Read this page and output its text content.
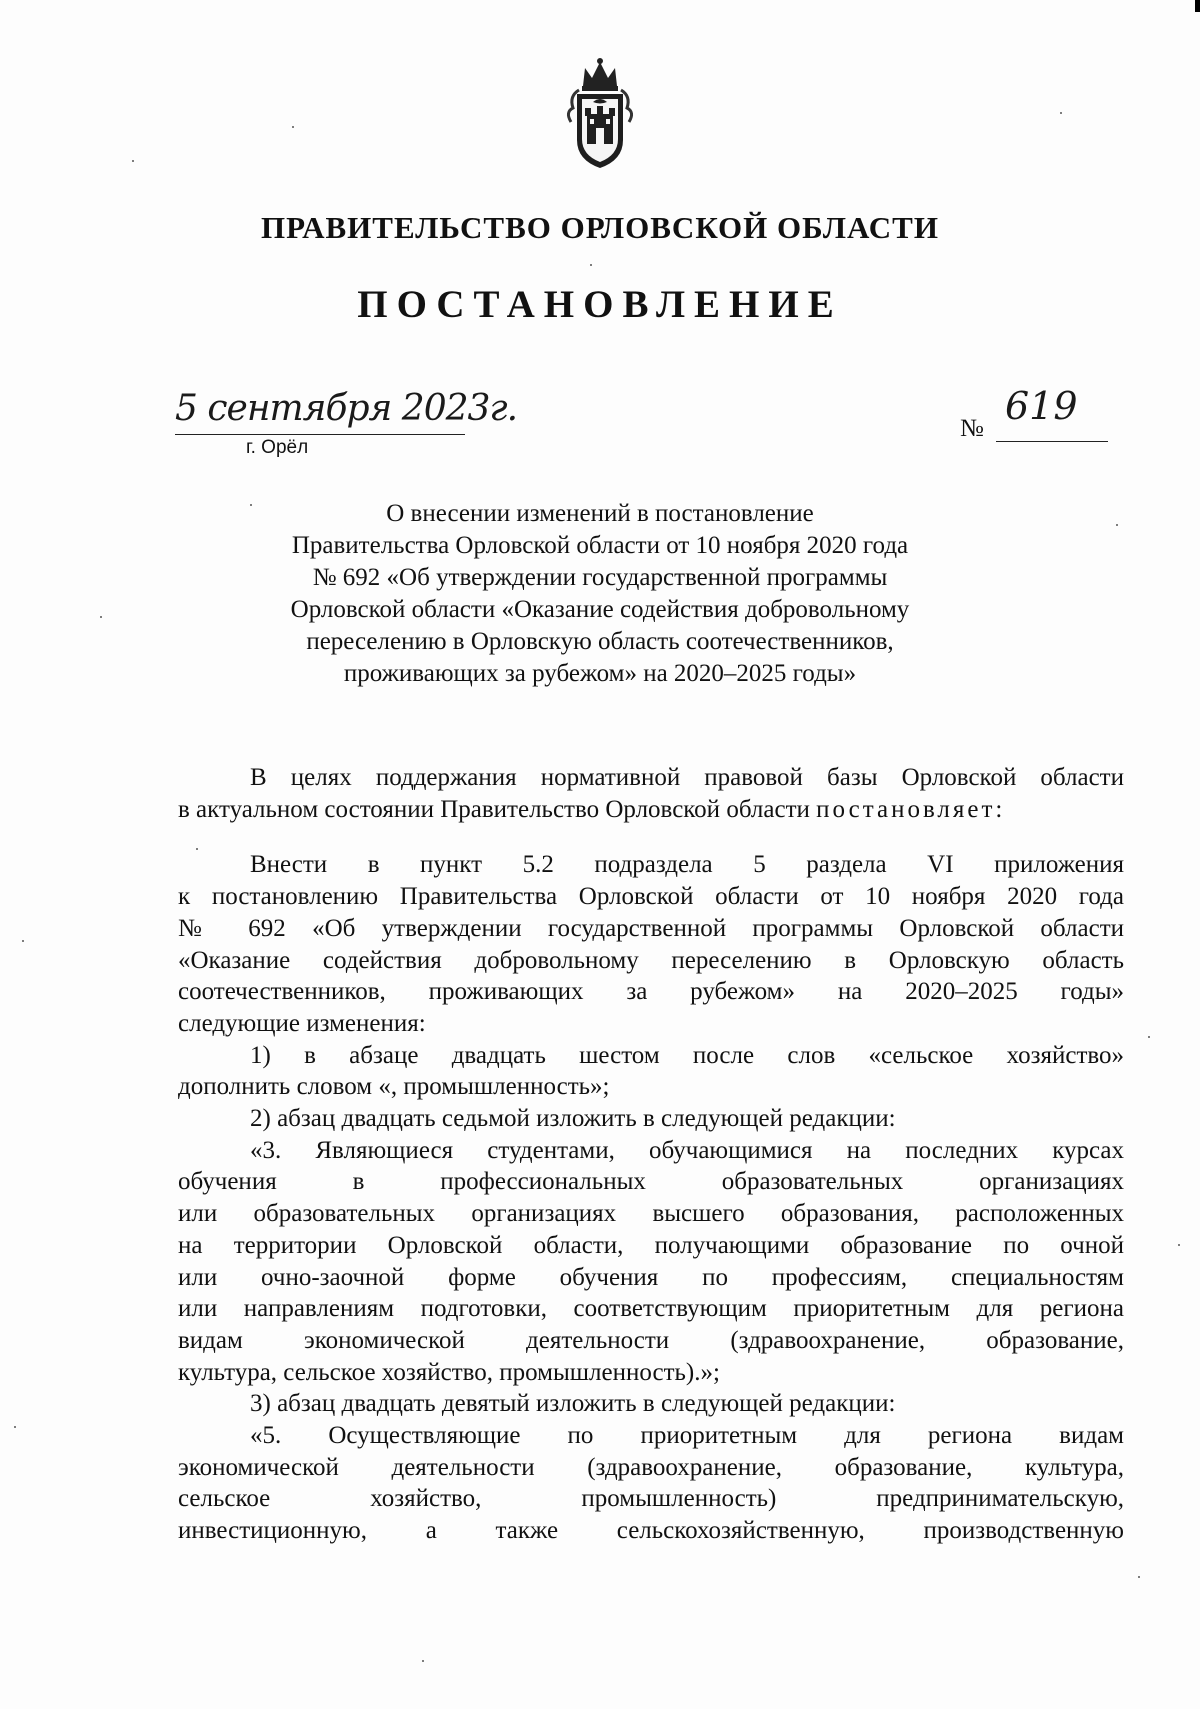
ПРАВИТЕЛЬСТВО ОРЛОВСКОЙ ОБЛАСТИ
ПОСТАНОВЛЕНИЕ
5 сентября 2023г.
г. Орёл
№
619
О внесении изменений в постановление
Правительства Орловской области от 10 ноября 2020 года
№ 692 «Об утверждении государственной программы
Орловской области «Оказание содействия добровольному
переселению в Орловскую область соотечественников,
проживающих за рубежом» на 2020–2025 годы»
В целях поддержания нормативной правовой базы Орловской области
в актуальном состоянии Правительство Орловской области постановляет:
Внести в пункт 5.2 подраздела 5 раздела VI приложения
к постановлению Правительства Орловской области от 10 ноября 2020 года
№ 692 «Об утверждении государственной программы Орловской области
«Оказание содействия добровольному переселению в Орловскую область
соотечественников, проживающих за рубежом» на 2020–2025 годы»
следующие изменения:
1) в абзаце двадцать шестом после слов «сельское хозяйство»
дополнить словом «, промышленность»;
2) абзац двадцать седьмой изложить в следующей редакции:
«3. Являющиеся студентами, обучающимися на последних курсах
обучения в профессиональных образовательных организациях
или образовательных организациях высшего образования, расположенных
на территории Орловской области, получающими образование по очной
или очно-заочной форме обучения по профессиям, специальностям
или направлениям подготовки, соответствующим приоритетным для региона
видам экономической деятельности (здравоохранение, образование,
культура, сельское хозяйство, промышленность).»;
3) абзац двадцать девятый изложить в следующей редакции:
«5. Осуществляющие по приоритетным для региона видам
экономической деятельности (здравоохранение, образование, культура,
сельское хозяйство, промышленность) предпринимательскую,
инвестиционную, а также сельскохозяйственную, производственную
